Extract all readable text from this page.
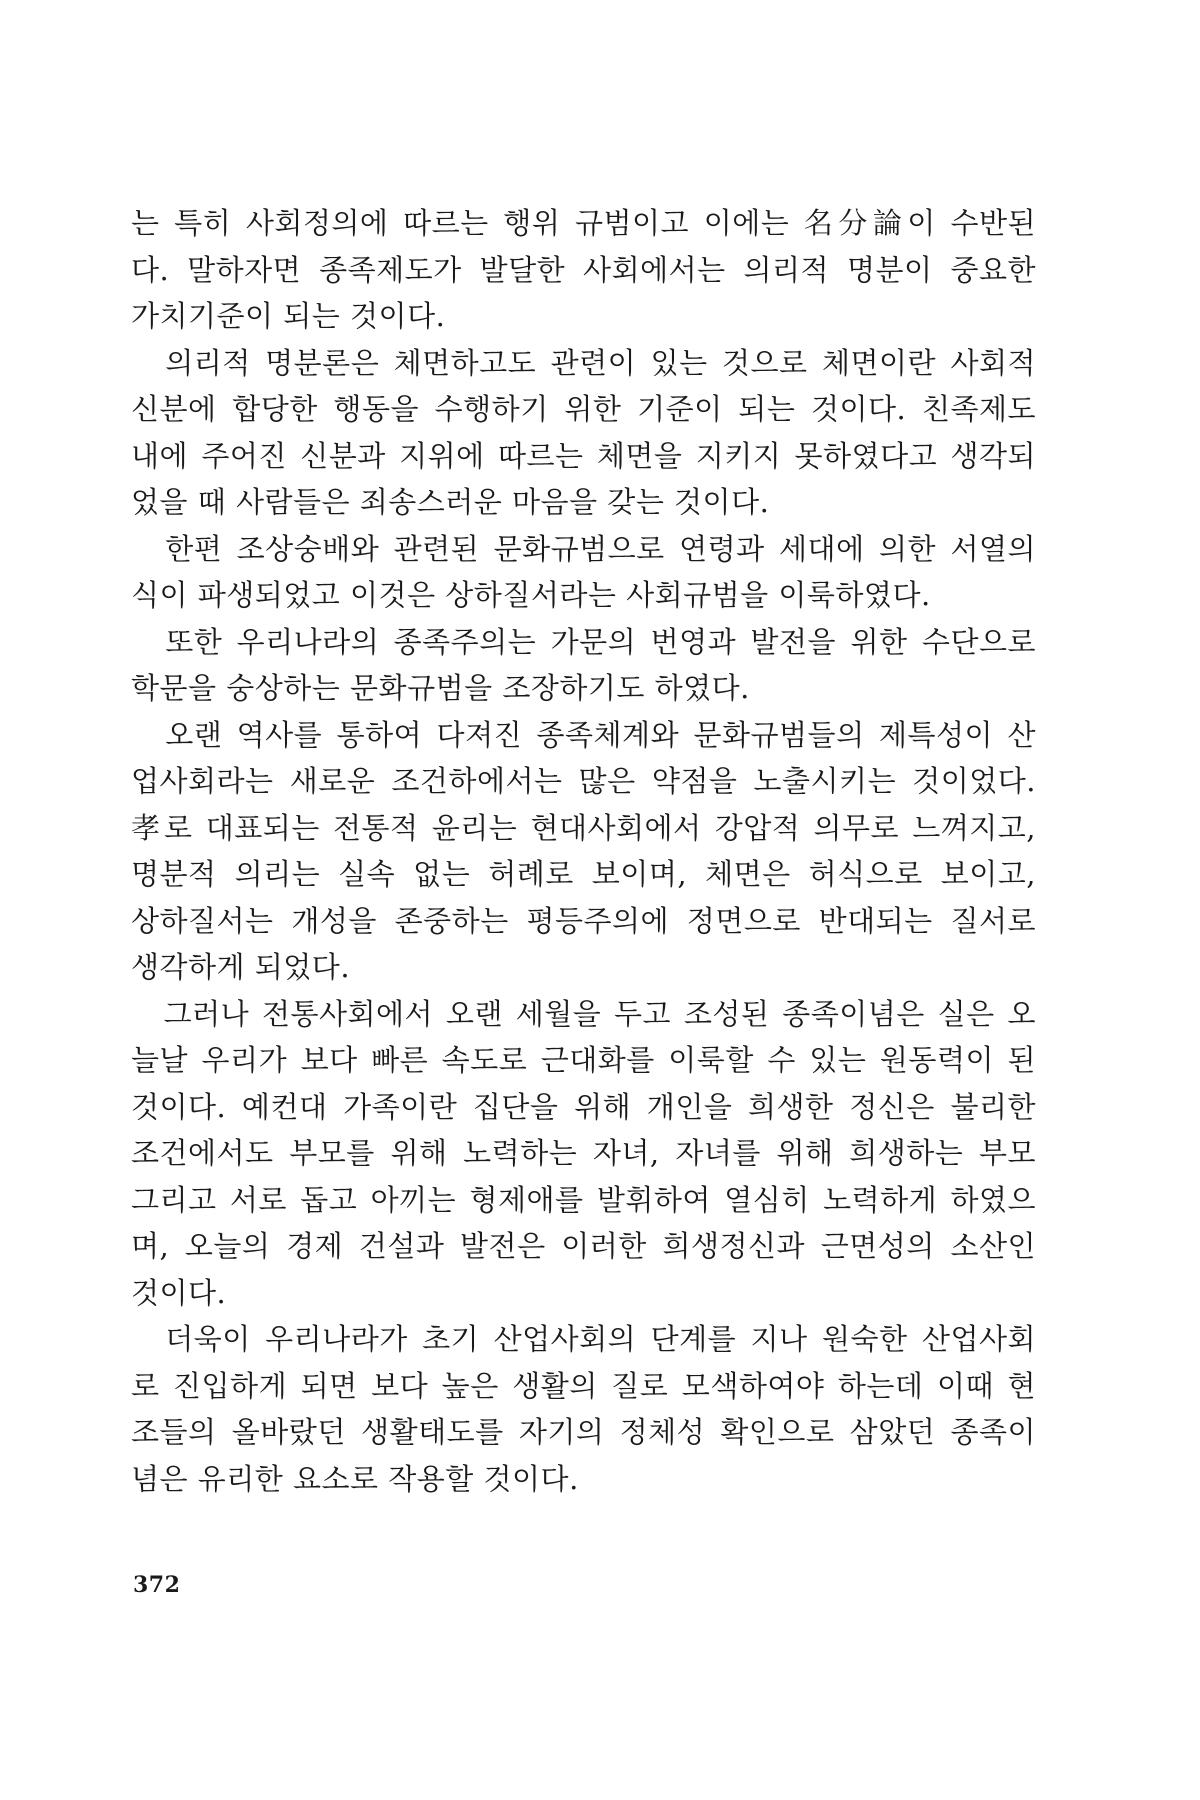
는 특히 사회정의에 따르는 행위 규범이고 이에는 名分論이 수반된
다. 말하자면 종족제도가 발달한 사회에서는 의리적 명분이 중요한
가치기준이 되는 것이다.
　의리적 명분론은 체면하고도 관련이 있는 것으로 체면이란 사회적
신분에 합당한 행동을 수행하기 위한 기준이 되는 것이다. 친족제도
내에 주어진 신분과 지위에 따르는 체면을 지키지 못하였다고 생각되
었을 때 사람들은 죄송스러운 마음을 갖는 것이다.
　한편 조상숭배와 관련된 문화규범으로 연령과 세대에 의한 서열의
식이 파생되었고 이것은 상하질서라는 사회규범을 이룩하였다.
　또한 우리나라의 종족주의는 가문의 번영과 발전을 위한 수단으로
학문을 숭상하는 문화규범을 조장하기도 하였다.
　오랜 역사를 통하여 다져진 종족체계와 문화규범들의 제특성이 산
업사회라는 새로운 조건하에서는 많은 약점을 노출시키는 것이었다.
孝로 대표되는 전통적 윤리는 현대사회에서 강압적 의무로 느껴지고,
명분적 의리는 실속 없는 허례로 보이며, 체면은 허식으로 보이고,
상하질서는 개성을 존중하는 평등주의에 정면으로 반대되는 질서로
생각하게 되었다.
　그러나 전통사회에서 오랜 세월을 두고 조성된 종족이념은 실은 오
늘날 우리가 보다 빠른 속도로 근대화를 이룩할 수 있는 원동력이 된
것이다. 예컨대 가족이란 집단을 위해 개인을 희생한 정신은 불리한
조건에서도 부모를 위해 노력하는 자녀, 자녀를 위해 희생하는 부모
그리고 서로 돕고 아끼는 형제애를 발휘하여 열심히 노력하게 하였으
며, 오늘의 경제 건설과 발전은 이러한 희생정신과 근면성의 소산인
것이다.
　더욱이 우리나라가 초기 산업사회의 단계를 지나 원숙한 산업사회
로 진입하게 되면 보다 높은 생활의 질로 모색하여야 하는데 이때 현
조들의 올바랐던 생활태도를 자기의 정체성 확인으로 삼았던 종족이
념은 유리한 요소로 작용할 것이다.
372
